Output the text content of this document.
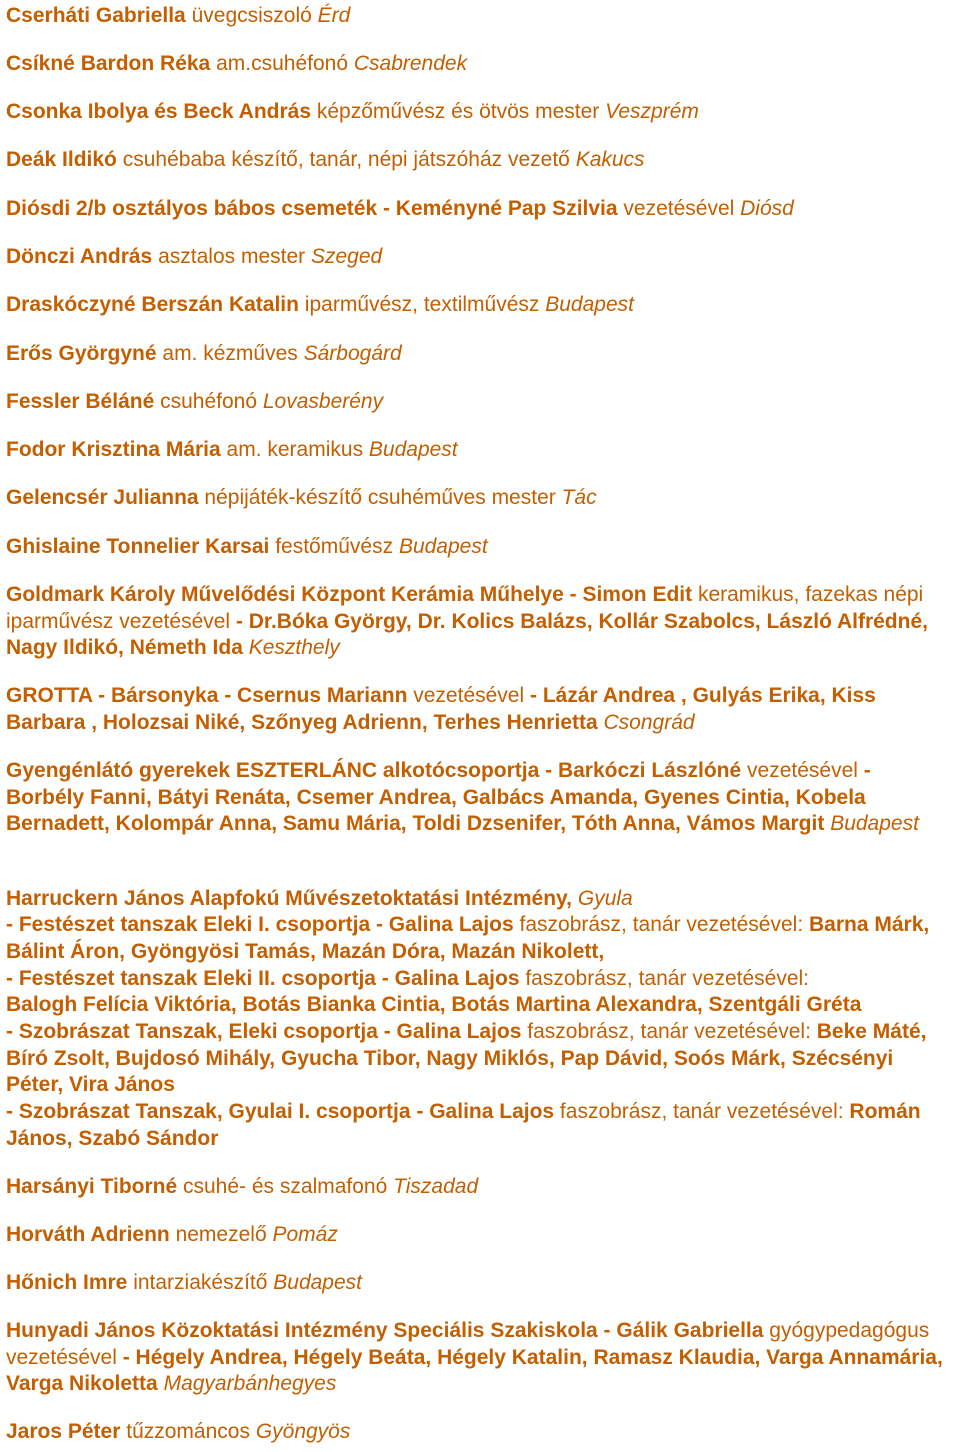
Cserháti Gabriella üvegcsiszoló Érd

Csíkné Bardon Réka am.csuhéfonó Csabrendek

Csonka Ibolya és Beck András képzőművész és ötvös mester Veszprém

Deák Ildikó csuhébaba készítő, tanár, népi játszóház vezető Kakucs

Diósdi 2/b osztályos bábos csemeték - Keményné Pap Szilvia vezetésével Diósd

Dönczi András asztalos mester Szeged

Draskóczyné Berszán Katalin iparművész, textilművész Budapest

Erős Györgyné am. kézműves Sárbogárd

Fessler Béláné csuhéfonó Lovasberény

Fodor Krisztina Mária am. keramikus Budapest

Gelencsér Julianna népijáték-készítő csuhéműves mester Tác

Ghislaine Tonnelier Karsai festőművész Budapest

Goldmark Károly Művelődési Központ Kerámia Műhelye - Simon Edit keramikus, fazekas népi iparművész vezetésével - Dr.Bóka György, Dr. Kolics Balázs, Kollár Szabolcs, László Alfrédné, Nagy Ildikó, Németh Ida Keszthely

GROTTA - Bársonyka - Csernus Mariann vezetésével - Lázár Andrea , Gulyás Erika, Kiss Barbara , Holozsai Niké, Szőnyeg Adrienn, Terhes Henrietta Csongrád

Gyengénlátó gyerekek ESZTERLÁNC alkotócsoportja - Barkóczi Lászlóné vezetésével - Borbély Fanni, Bátyi Renáta, Csemer Andrea, Galbács Amanda, Gyenes Cintia, Kobela Bernadett, Kolompár Anna, Samu Mária, Toldi Dzsenifer, Tóth Anna, Vámos Margit Budapest

Harruckern János Alapfokú Művészetoktatási Intézmény, Gyula

- Festészet tanszak Eleki I. csoportja - Galina Lajos faszobrász, tanár vezetésével: Barna Márk, Bálint Áron, Gyöngyösi Tamás, Mazán Dóra, Mazán Nikolett,

- Festészet tanszak Eleki II. csoportja - Galina Lajos faszobrász, tanár vezetésével:

Balogh Felícia Viktória, Botás Bianka Cintia, Botás Martina Alexandra, Szentgáli Gréta

- Szobrászat Tanszak, Eleki csoportja - Galina Lajos faszobrász, tanár vezetésével: Beke Máté, Bíró Zsolt, Bujdosó Mihály, Gyucha Tibor, Nagy Miklós, Pap Dávid, Soós Márk, Szécsényi Péter, Vira János

- Szobrászat Tanszak, Gyulai I. csoportja - Galina Lajos faszobrász, tanár vezetésével: Román János, Szabó Sándor

Harsányi Tiborné csuhé- és szalmafonó Tiszadad

Horváth Adrienn nemezelő Pomáz

Hőnich Imre intarziakészítő Budapest

Hunyadi János Közoktatási Intézmény Speciális Szakiskola - Gálik Gabriella gyógypedagógus vezetésével - Hégely Andrea, Hégely Beáta, Hégely Katalin, Ramasz Klaudia, Varga Annamária, Varga Nikoletta Magyarbánhegyes

Jaros Péter tűzzománcos Gyöngyös
